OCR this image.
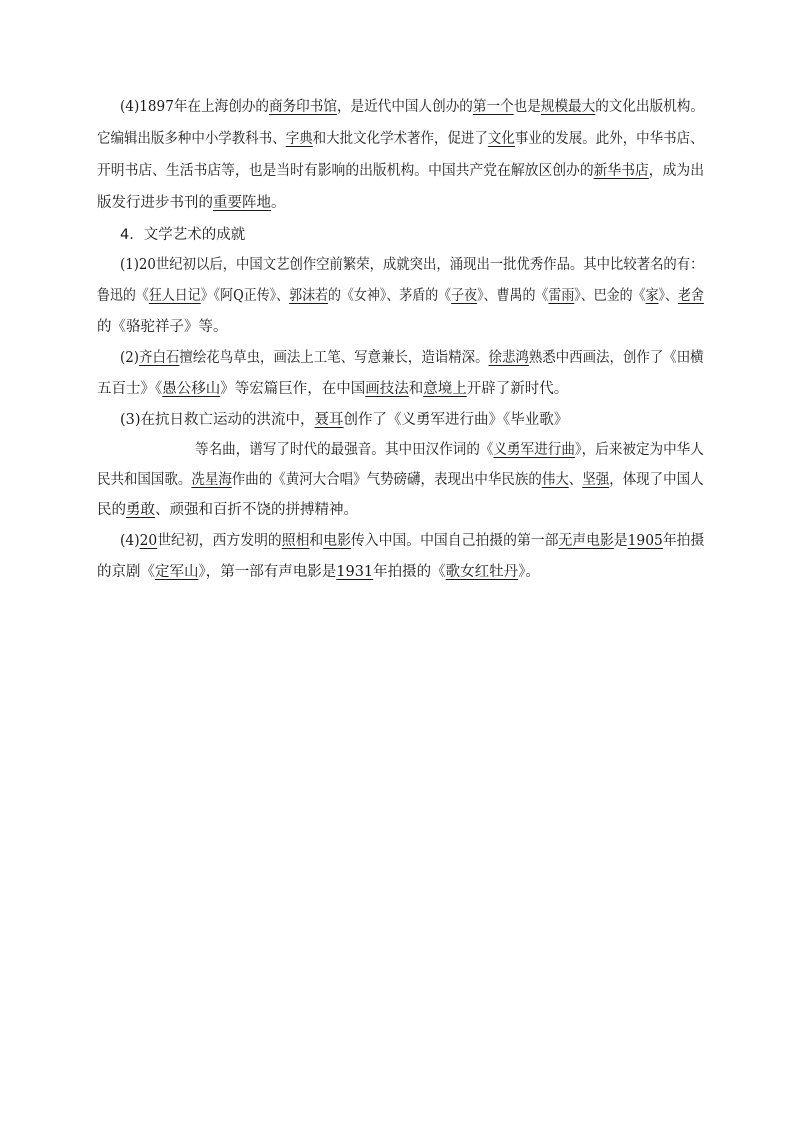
(4)1897年在上海创办的商务印书馆，是近代中国人创办的第一个也是规模最大的文化出版机构。
它编辑出版多种中小学教科书、字典和大批文化学术著作，促进了文化事业的发展。此外，中华书店、
开明书店、生活书店等，也是当时有影响的出版机构。中国共产党在解放区创办的新华书店，成为出
版发行进步书刊的重要阵地。
4．文学艺术的成就
(1)20世纪初以后，中国文艺创作空前繁荣，成就突出，涌现出一批优秀作品。其中比较著名的有：
鲁迅的《狂人日记》《阿Q正传》、郭沫若的《女神》、茅盾的《子夜》、曹禺的《雷雨》、巴金的《家》、老舍
的《骆驼祥子》等。
(2)齐白石擅绘花鸟草虫，画法上工笔、写意兼长，造诣精深。徐悲鸿熟悉中西画法，创作了《田横
五百士》《愚公移山》等宏篇巨作，在中国画技法和意境上开辟了新时代。
(3)在抗日救亡运动的洪流中，聂耳创作了《义勇军进行曲》《毕业歌》
等名曲，谱写了时代的最强音。其中田汉作词的《义勇军进行曲》，后来被定为中华人
民共和国国歌。冼星海作曲的《黄河大合唱》气势磅礴，表现出中华民族的伟大、坚强，体现了中国人
民的勇敢、顽强和百折不饶的拼搏精神。
(4)20世纪初，西方发明的照相和电影传入中国。中国自己拍摄的第一部无声电影是1905年拍摄
的京剧《定军山》，第一部有声电影是1931年拍摄的《歌女红牡丹》。
